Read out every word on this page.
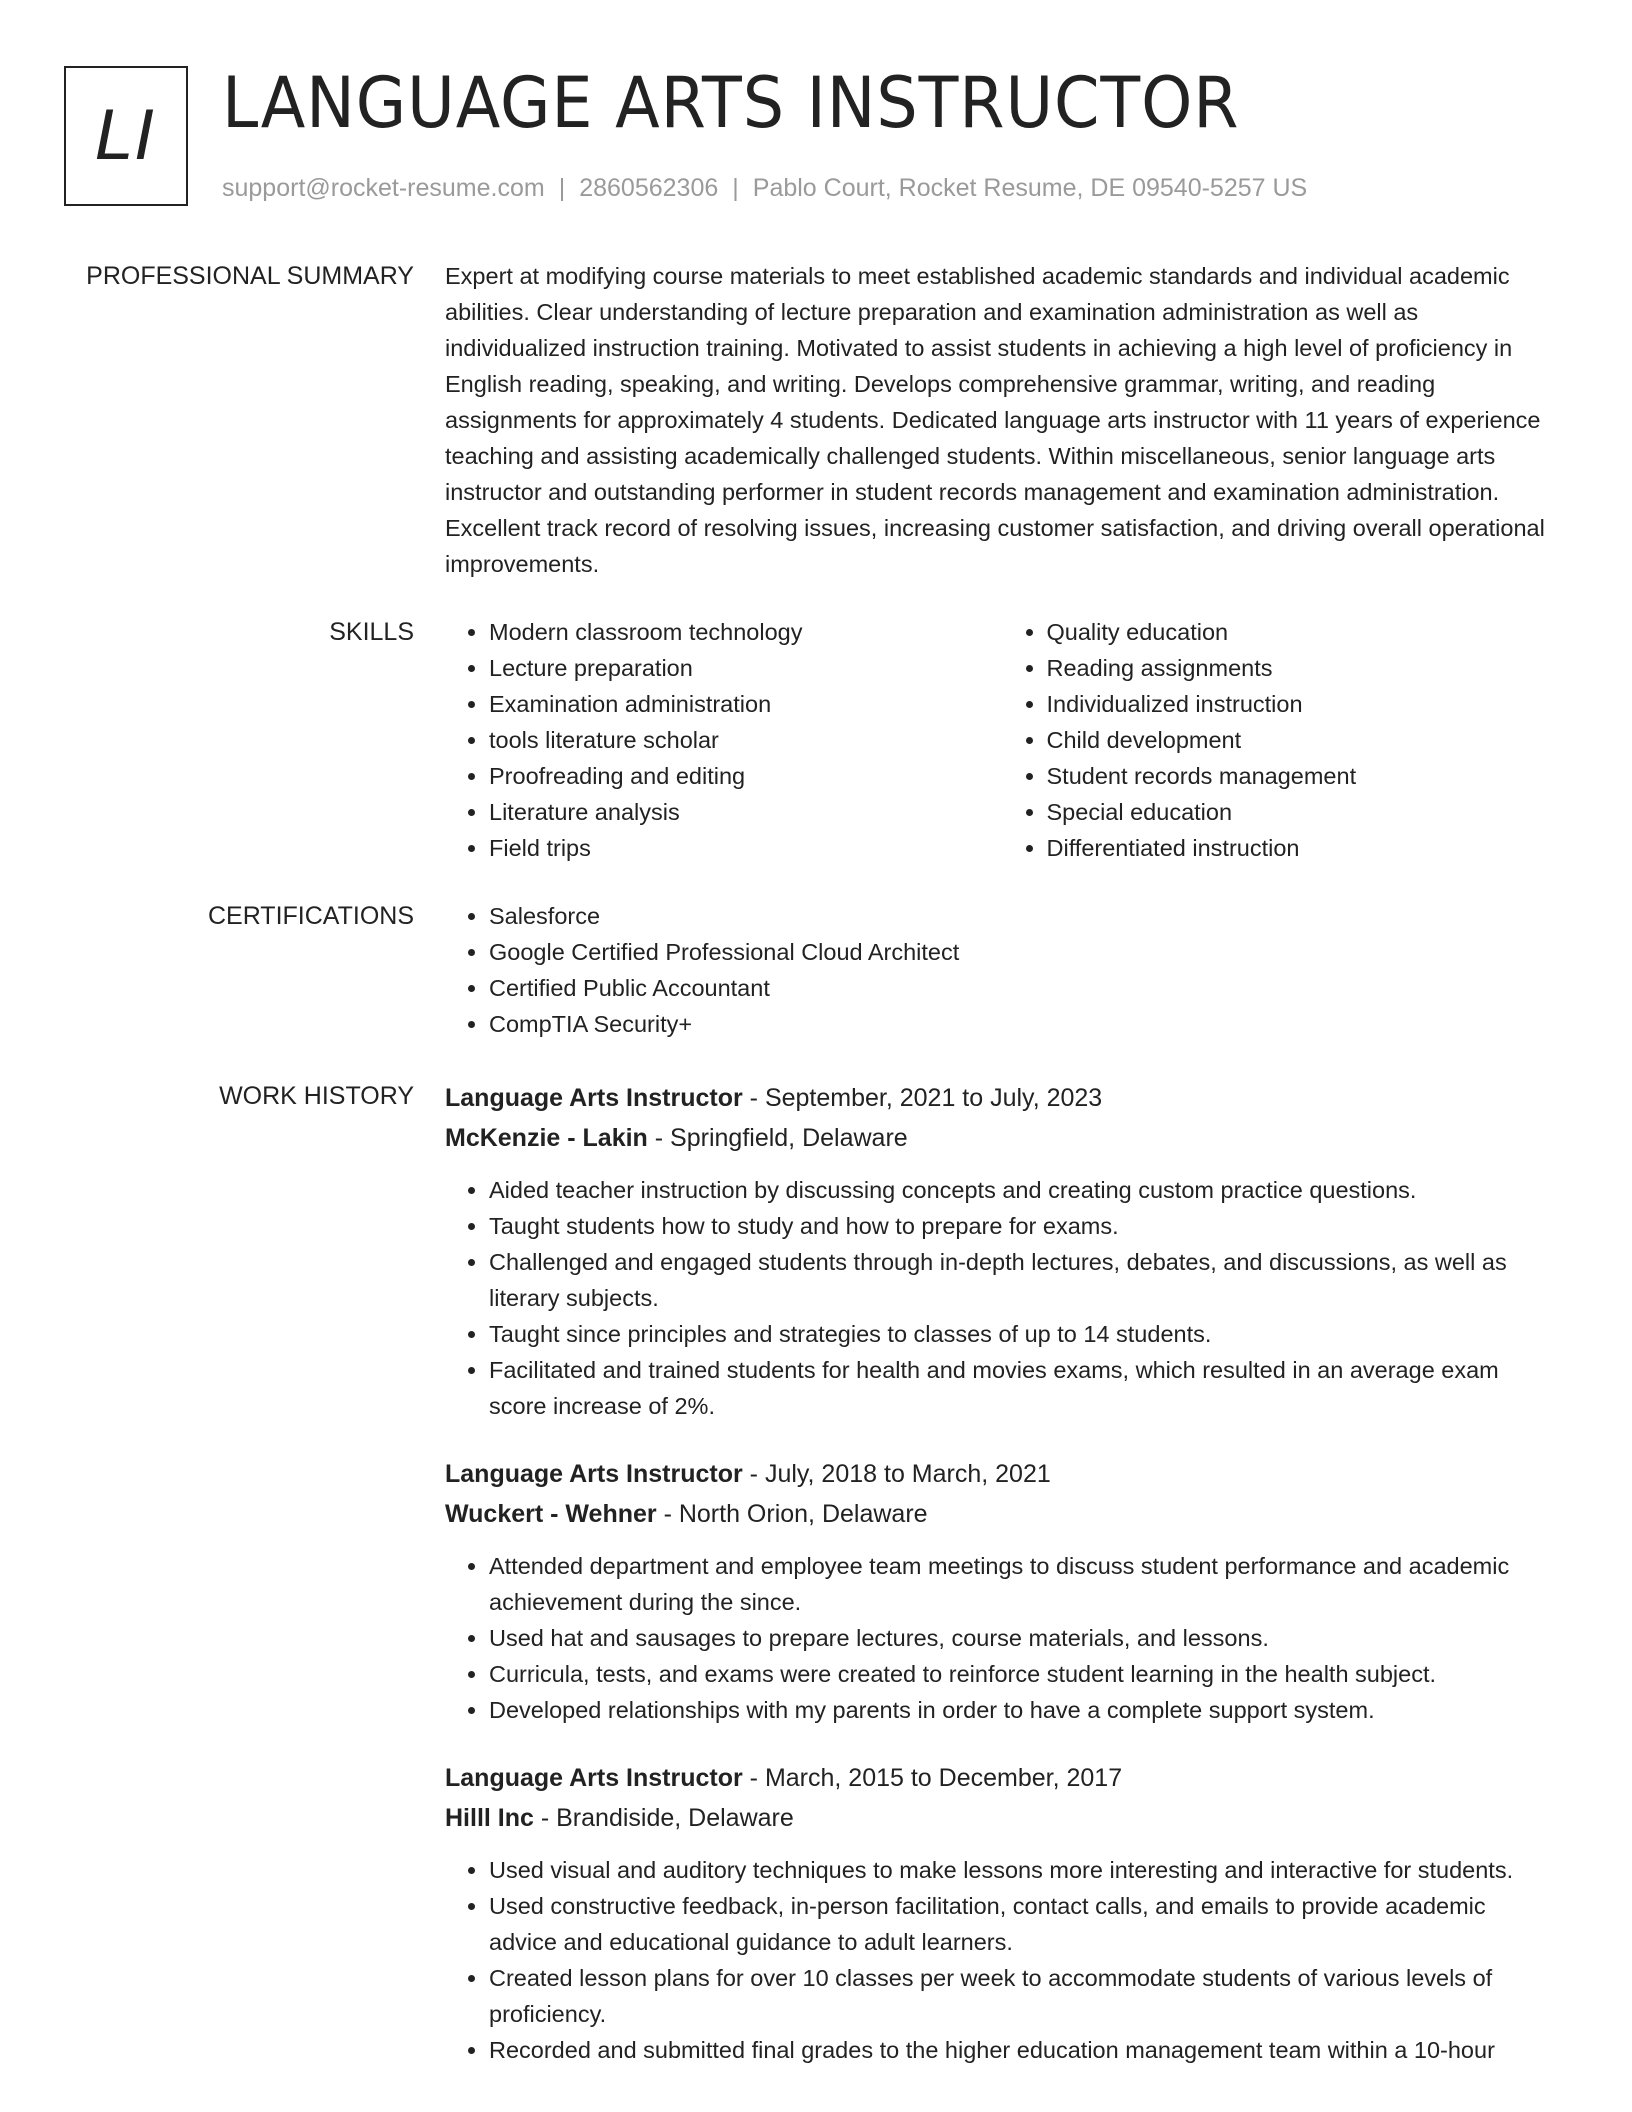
LI LANGUAGE ARTS INSTRUCTOR
support@rocket-resume.com | 2860562306 | Pablo Court, Rocket Resume, DE 09540-5257 US
PROFESSIONAL SUMMARY Expert at modifying course materials to meet established academic standards and individual academic abilities. Clear understanding of lecture preparation and examination administration as well as individualized instruction training. Motivated to assist students in achieving a high level of proficiency in English reading, speaking, and writing. Develops comprehensive grammar, writing, and reading assignments for approximately 4 students. Dedicated language arts instructor with 11 years of experience teaching and assisting academically challenged students. Within miscellaneous, senior language arts instructor and outstanding performer in student records management and examination administration. Excellent track record of resolving issues, increasing customer satisfaction, and driving overall operational improvements.

SKILLS	• Modern classroom technology
• Lecture preparation
• Examination administration
• tools literature scholar
• Proofreading and editing
• Literature analysis
• Field trips
• Quality education
• Reading assignments
• Individualized instruction
• Child development
• Student records management
• Special education
• Differentiated instruction
CERTIFICATIONS	• Salesforce
• Google Certified Professional Cloud Architect
• Certified Public Accountant
• CompTIA Security+
WORK HISTORY Language Arts Instructor - September, 2021 to July, 2023
McKenzie - Lakin - Springfield, Delaware
• Aided teacher instruction by discussing concepts and creating custom practice questions.
• Taught students how to study and how to prepare for exams.
• Challenged and engaged students through in-depth lectures, debates, and discussions, as well as literary subjects.
• Taught since principles and strategies to classes of up to 14 students.
• Facilitated and trained students for health and movies exams, which resulted in an average exam score increase of 2%.
Language Arts Instructor - July, 2018 to March, 2021
Wuckert - Wehner - North Orion, Delaware
• Attended department and employee team meetings to discuss student performance and academic achievement during the since.
• Used hat and sausages to prepare lectures, course materials, and lessons.
• Curricula, tests, and exams were created to reinforce student learning in the health subject.
• Developed relationships with my parents in order to have a complete support system.
Language Arts Instructor - March, 2015 to December, 2017
Hilll Inc - Brandiside, Delaware
• Used visual and auditory techniques to make lessons more interesting and interactive for students.
• Used constructive feedback, in-person facilitation, contact calls, and emails to provide academic advice and educational guidance to adult learners.
• Created lesson plans for over 10 classes per week to accommodate students of various levels of proficiency.
• Recorded and submitted final grades to the higher education management team within a 10-hour
